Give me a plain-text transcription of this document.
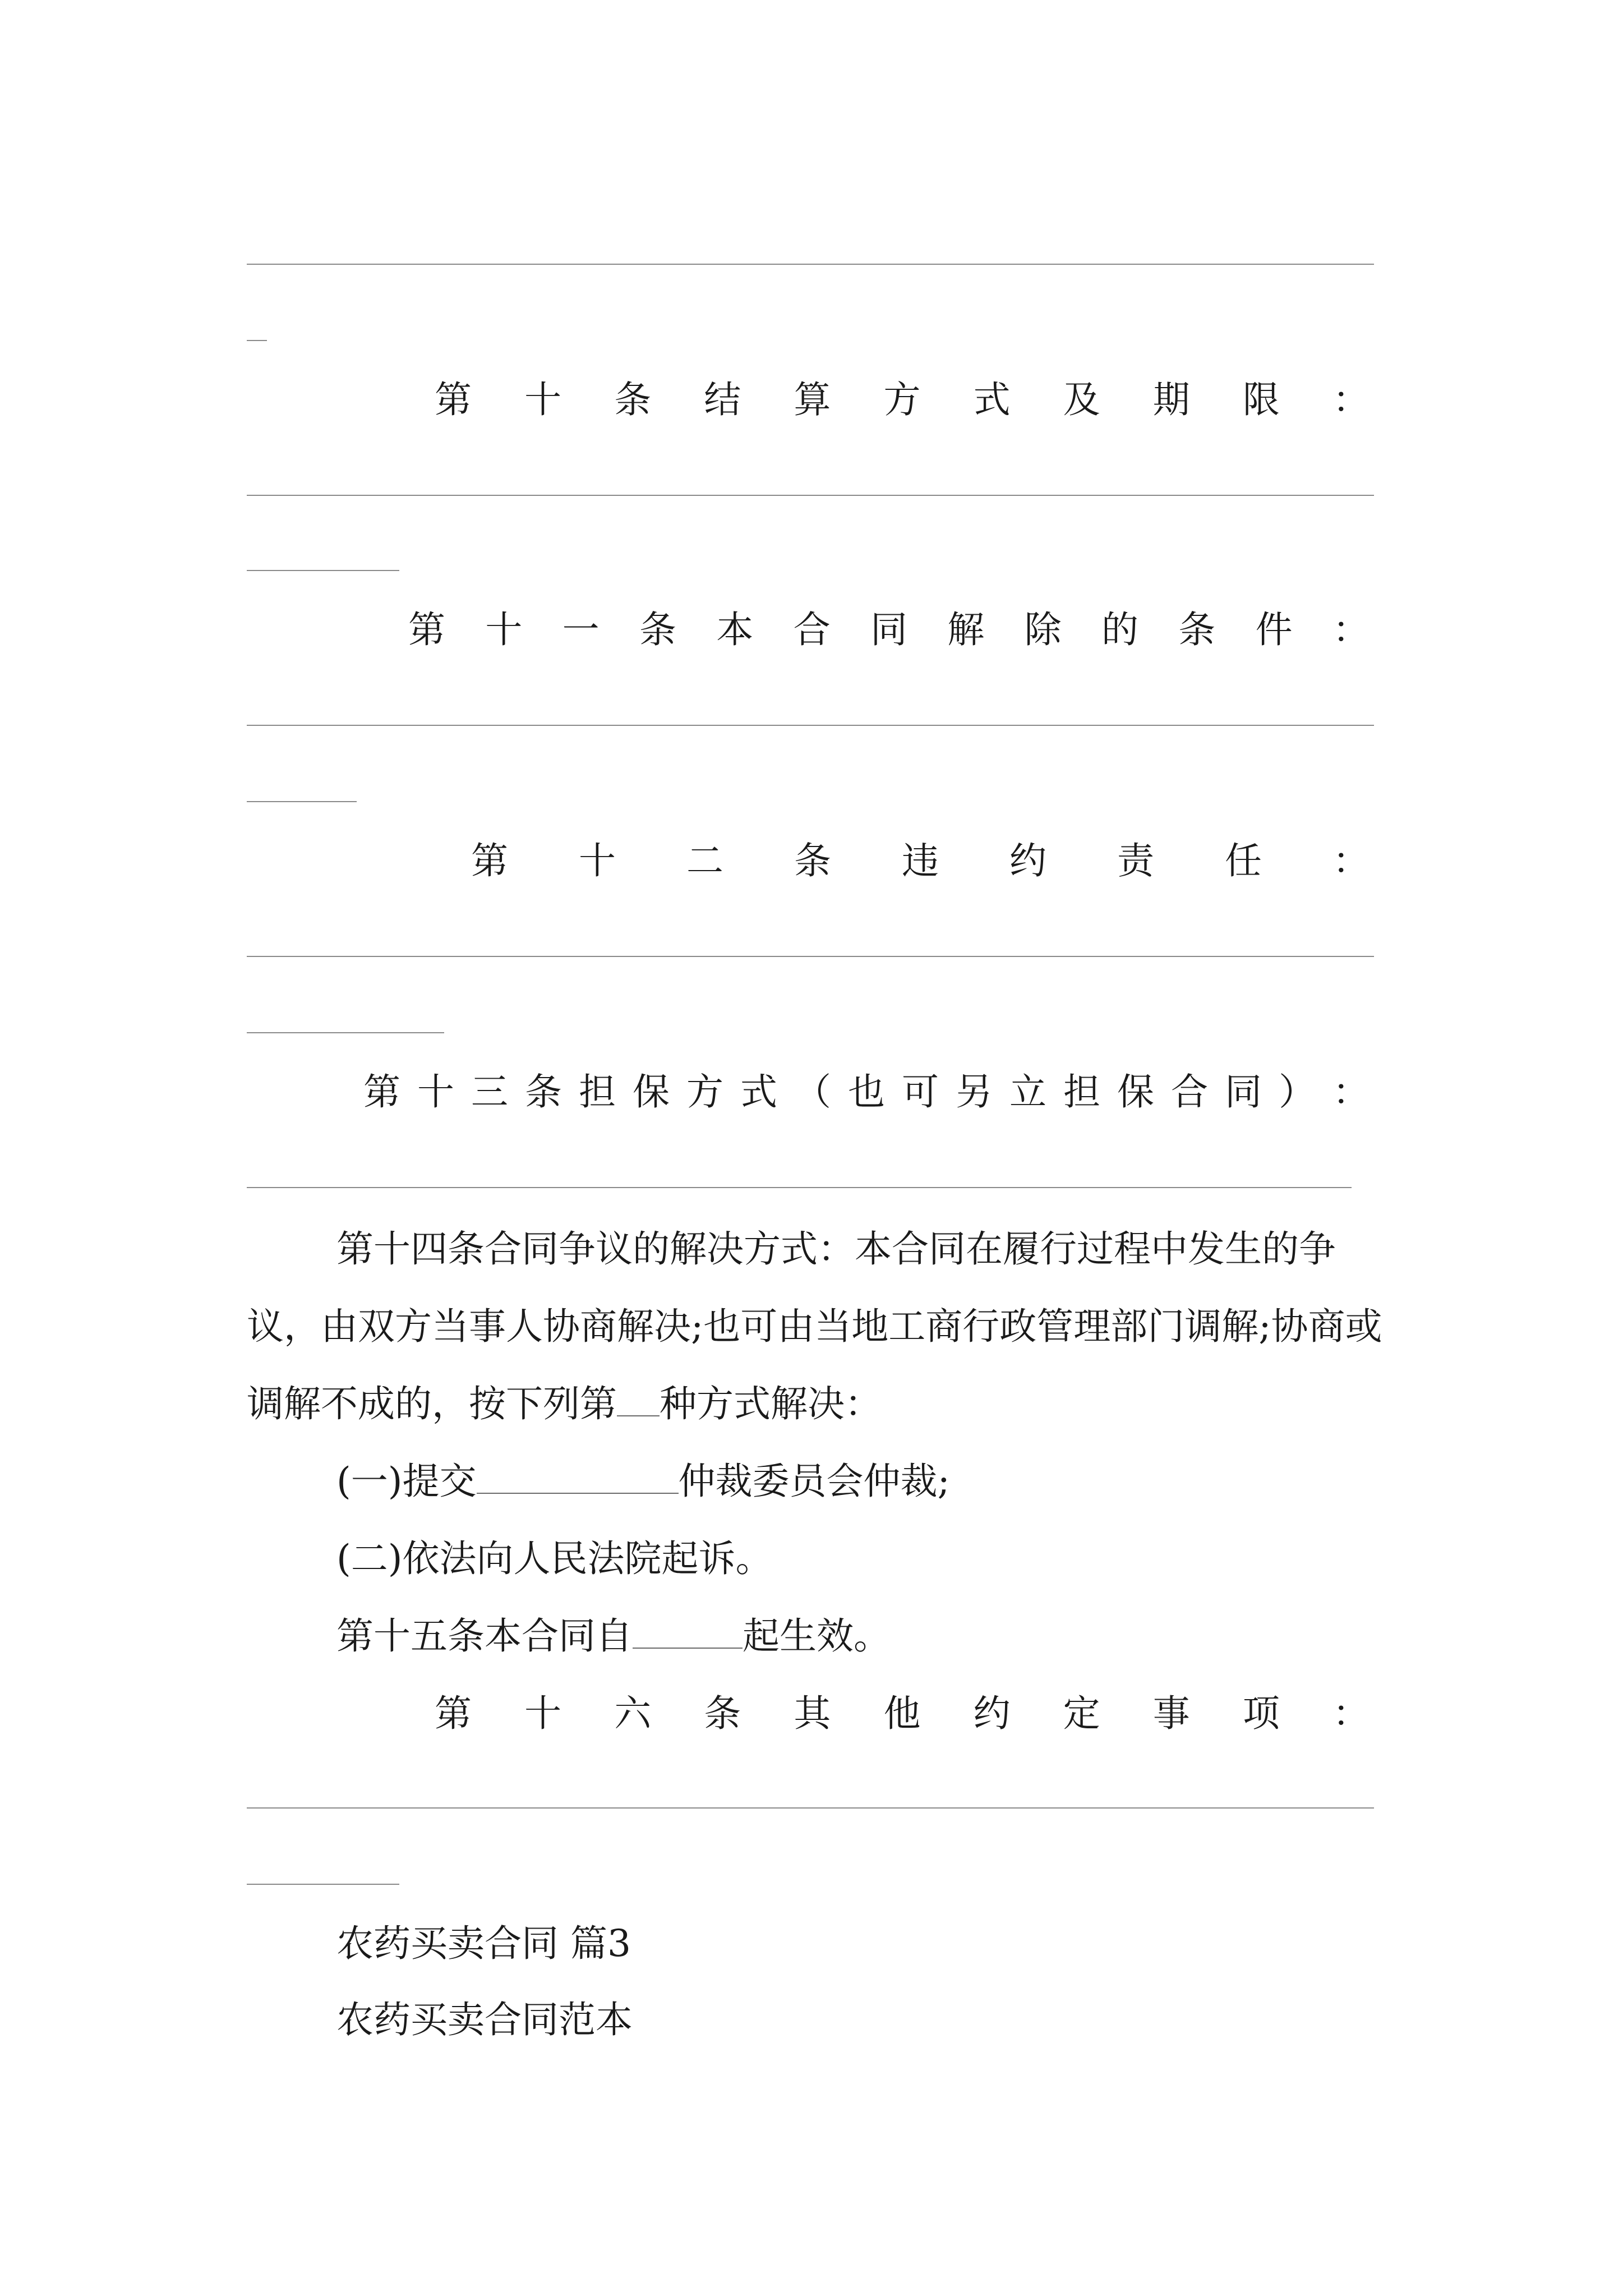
第 十 条 结 算 方 式 及 期 限 ：
第 十 一 条 本 合 同 解 除 的 条 件 ：
第 十 二 条 违 约 责 任 ：
第 十 三 条 担 保 方 式 （ 也 可 另 立 担 保 合 同 ） ：

第十四条合同争议的解决方式：本合同在履行过程中发生的争议，由双方当事人协商解决;也可由当地工商行政管理部门调解;协商或调解不成的，按下列第 种方式解决：

(一)提交	仲裁委员会仲裁;

(二)依法向人民法院起诉。

第十五条本合同自	起生效。

第 十 六 条 其 他 约 定 事 项 ：
农药买卖合同 篇3
农药买卖合同范本
